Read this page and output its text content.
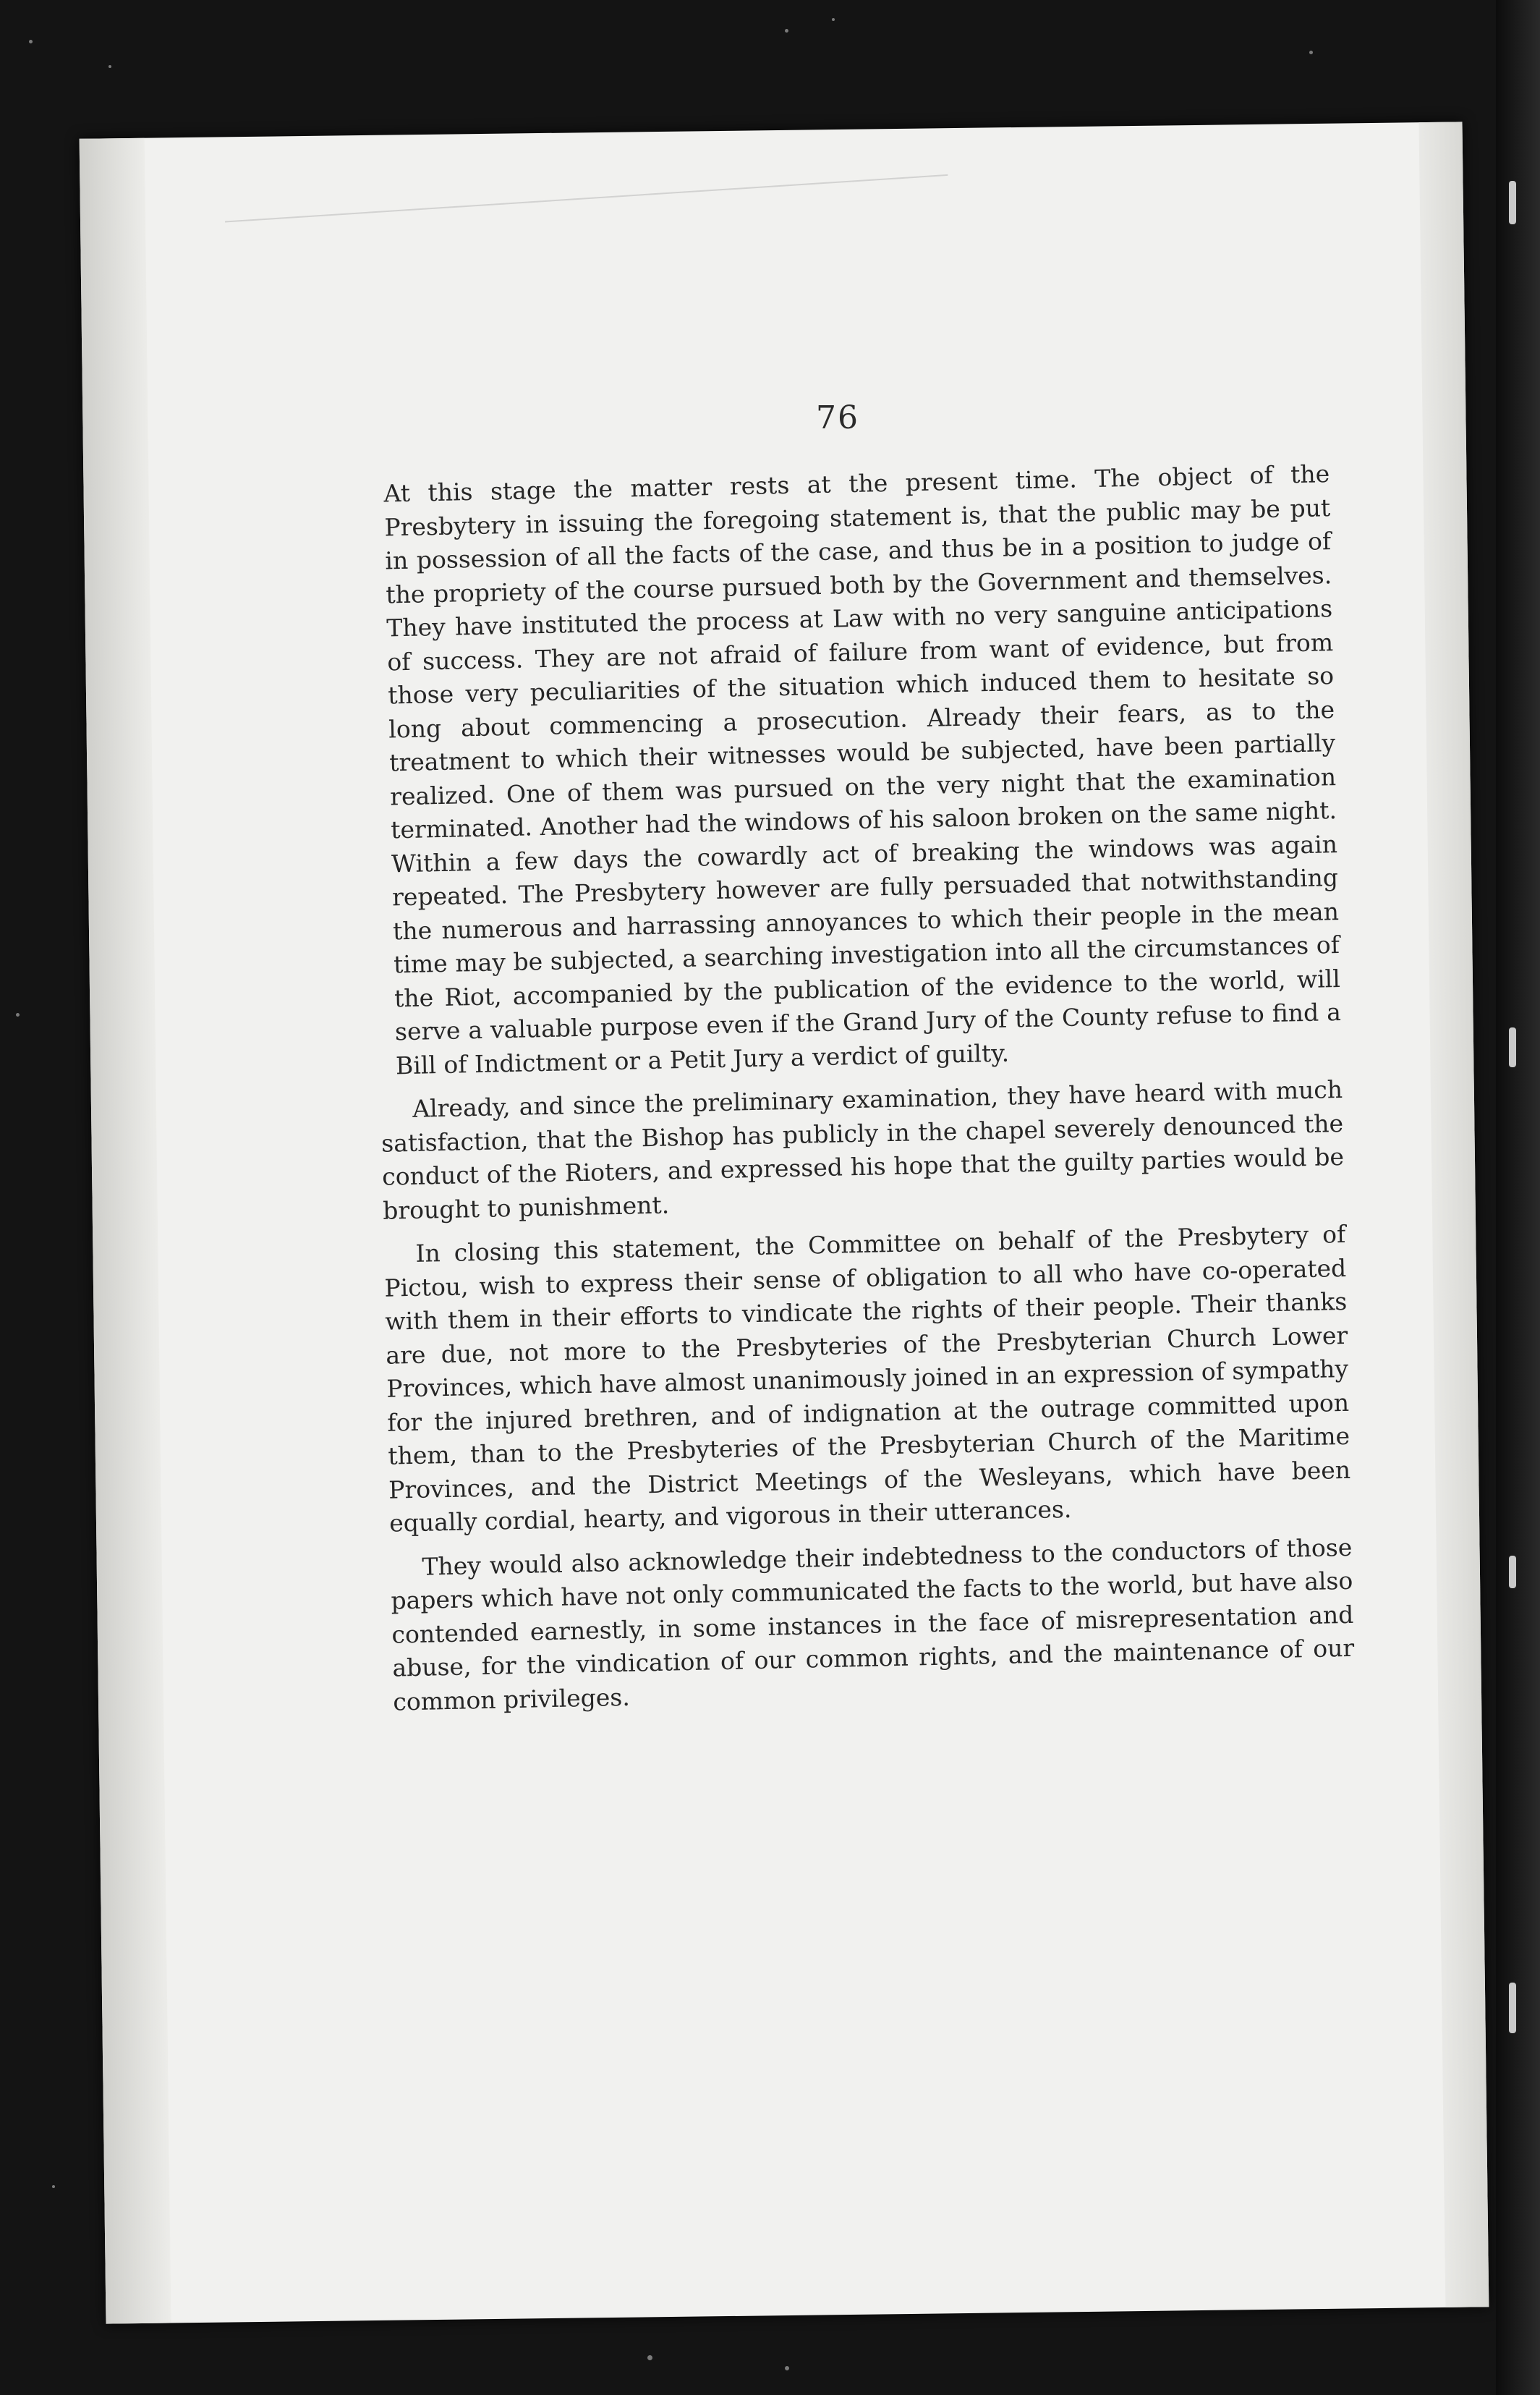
76

At this stage the matter rests at the present time. The object of the Presbytery in issuing the foregoing statement is, that the public may be put in possession of all the facts of the case, and thus be in a position to judge of the propriety of the course pursued both by the Government and themselves. They have instituted the process at Law with no very sanguine anticipations of success. They are not afraid of failure from want of evidence, but from those very peculiarities of the situation which induced them to hesitate so long about commencing a prosecution. Already their fears, as to the treatment to which their witnesses would be subjected, have been partially realized. One of them was pursued on the very night that the examination terminated. Another had the windows of his saloon broken on the same night. Within a few days the cowardly act of breaking the windows was again repeated. The Presbytery however are fully persuaded that notwithstanding the numerous and harrassing annoyances to which their people in the mean time may be subjected, a searching investigation into all the circumstances of the Riot, accompanied by the publication of the evidence to the world, will serve a valuable purpose even if the Grand Jury of the County refuse to find a Bill of Indictment or a Petit Jury a verdict of guilty.

Already, and since the preliminary examination, they have heard with much satisfaction, that the Bishop has publicly in the chapel severely denounced the conduct of the Rioters, and expressed his hope that the guilty parties would be brought to punishment.

In closing this statement, the Committee on behalf of the Presbytery of Pictou, wish to express their sense of obligation to all who have co-operated with them in their efforts to vindicate the rights of their people. Their thanks are due, not more to the Presbyteries of the Presbyterian Church Lower Provinces, which have almost unanimously joined in an expression of sympathy for the injured brethren, and of indignation at the outrage committed upon them, than to the Presbyteries of the Presbyterian Church of the Maritime Provinces, and the District Meetings of the Wesleyans, which have been equally cordial, hearty, and vigorous in their utterances.

They would also acknowledge their indebtedness to the conductors of those papers which have not only communicated the facts to the world, but have also contended earnestly, in some instances in the face of misrepresentation and abuse, for the vindication of our common rights, and the maintenance of our common privileges.
